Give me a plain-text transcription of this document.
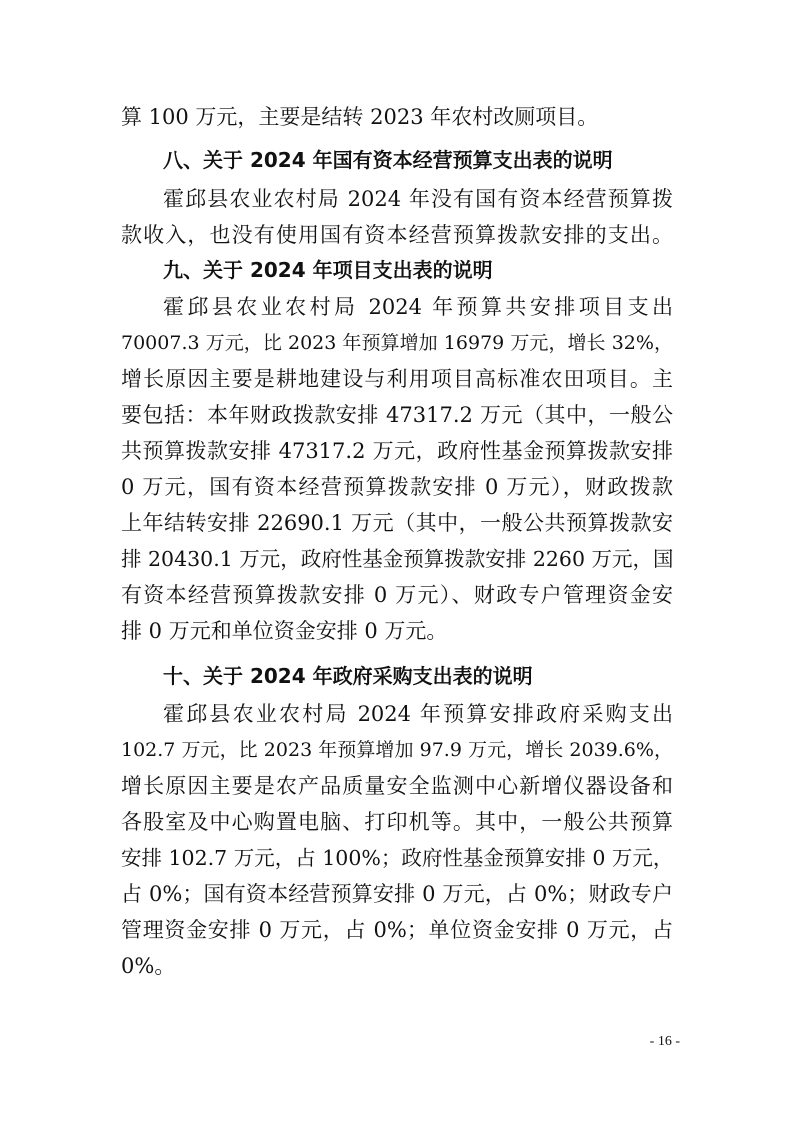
算 100 万元，主要是结转 2023 年农村改厕项目。
八、关于 2024 年国有资本经营预算支出表的说明
霍邱县农业农村局 2024 年没有国有资本经营预算拨
款收入，也没有使用国有资本经营预算拨款安排的支出。
九、关于 2024 年项目支出表的说明
霍邱县农业农村局 2024 年预算共安排项目支出
70007.3 万元，比 2023 年预算增加 16979 万元，增长 32%，
增长原因主要是耕地建设与利用项目高标准农田项目。主
要包括：本年财政拨款安排 47317.2 万元（其中，一般公
共预算拨款安排 47317.2 万元，政府性基金预算拨款安排
0 万元，国有资本经营预算拨款安排 0 万元），财政拨款
上年结转安排 22690.1 万元（其中，一般公共预算拨款安
排 20430.1 万元，政府性基金预算拨款安排 2260 万元，国
有资本经营预算拨款安排 0 万元）、财政专户管理资金安
排 0 万元和单位资金安排 0 万元。
十、关于 2024 年政府采购支出表的说明
霍邱县农业农村局 2024 年预算安排政府采购支出
102.7 万元，比 2023 年预算增加 97.9 万元，增长 2039.6%，
增长原因主要是农产品质量安全监测中心新增仪器设备和
各股室及中心购置电脑、打印机等。其中，一般公共预算
安排 102.7 万元，占 100%；政府性基金预算安排 0 万元，
占 0%；国有资本经营预算安排 0 万元，占 0%；财政专户
管理资金安排 0 万元，占 0%；单位资金安排 0 万元，占
0%。
- 16 -
